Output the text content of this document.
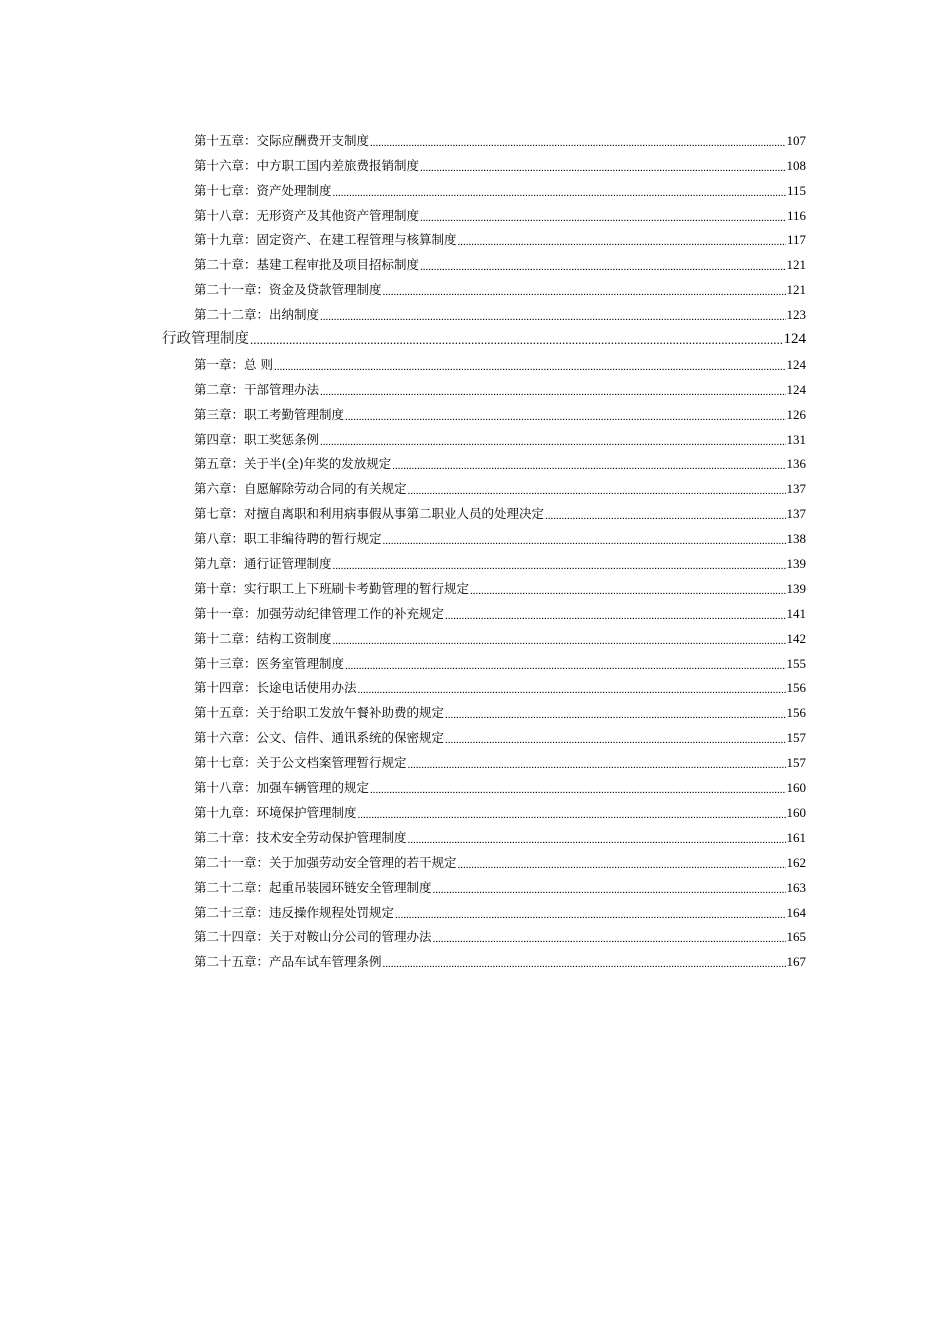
第十五章：交际应酬费开支制度 .....	107
第十六章：中方职工国内差旅费报销制度 .....	108
第十七章：资产处理制度 .....	115
第十八章：无形资产及其他资产管理制度 .....	116
第十九章：固定资产、在建工程管理与核算制度 .....	117
第二十章：基建工程审批及项目招标制度 .....	121
第二十一章：资金及贷款管理制度 .....	121
第二十二章：出纳制度 .....	123
行政管理制度 .....	124
第一章：总 则 .....	124
第二章：干部管理办法 .....	124
第三章：职工考勤管理制度 .....	126
第四章：职工奖惩条例 .....	131
第五章：关于半(全)年奖的发放规定 .....	136
第六章：自愿解除劳动合同的有关规定 .....	137
第七章：对擅自离职和利用病事假从事第二职业人员的处理决定 .....	137
第八章：职工非编待聘的暂行规定 .....	138
第九章：通行证管理制度 .....	139
第十章：实行职工上下班刷卡考勤管理的暂行规定 .....	139
第十一章：加强劳动纪律管理工作的补充规定 .....	141
第十二章：结构工资制度 .....	142
第十三章：医务室管理制度 .....	155
第十四章：长途电话使用办法 .....	156
第十五章：关于给职工发放午餐补助费的规定 .....	156
第十六章：公文、信件、通讯系统的保密规定 .....	157
第十七章：关于公文档案管理暂行规定 .....	157
第十八章：加强车辆管理的规定 .....	160
第十九章：环境保护管理制度 .....	160
第二十章：技术安全劳动保护管理制度 .....	161
第二十一章：关于加强劳动安全管理的若干规定 .....	162
第二十二章：起重吊装园环链安全管理制度 .....	163
第二十三章：违反操作规程处罚规定 .....	164
第二十四章：关于对鞍山分公司的管理办法 .....	165
第二十五章：产品车试车管理条例 .....	167
